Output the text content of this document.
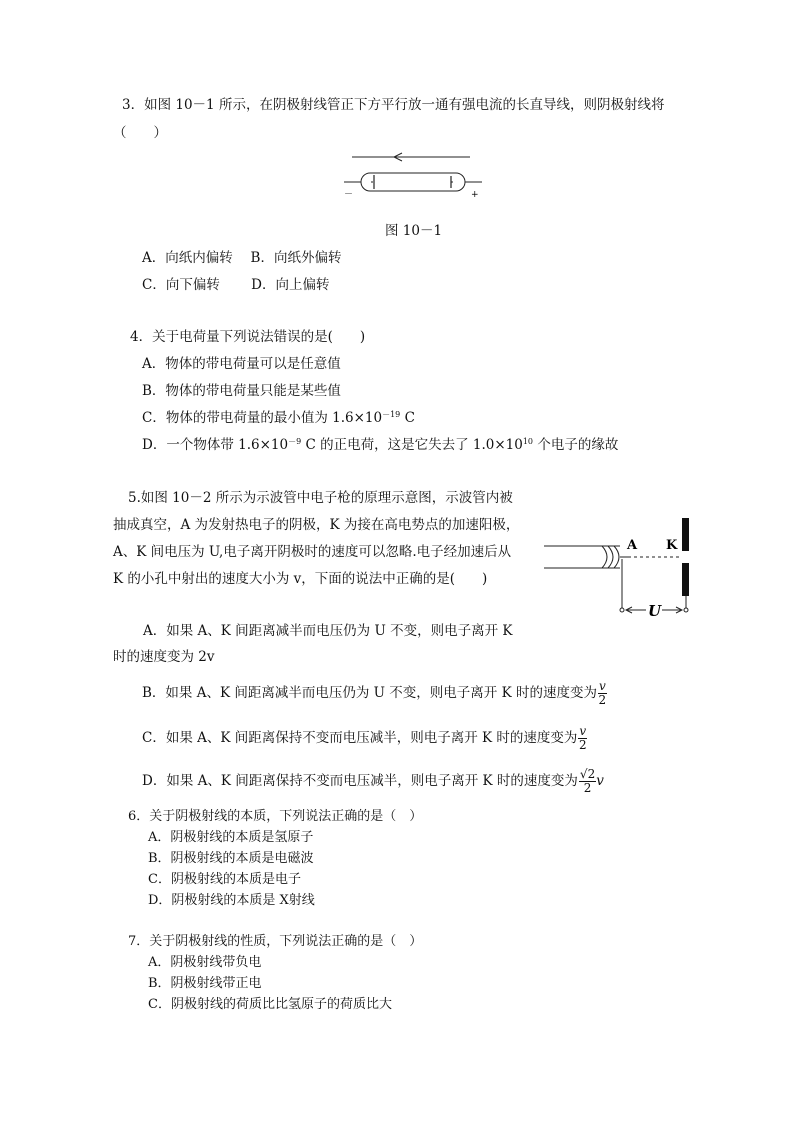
3．如图 10－1 所示，在阴极射线管正下方平行放一通有强电流的长直导线，则阴极射线将
（　　）
－	+
图 10－1
A．向纸内偏转　 B．向纸外偏转
C．向下偏转　　 D．向上偏转
4．关于电荷量下列说法错误的是(　　)
A．物体的带电荷量可以是任意值
B．物体的带电荷量只能是某些值
C．物体的带电荷量的最小值为 $1.6\times 10^{-19}$ C
D．一个物体带 $1.6\times 10^{-9}$ C 的正电荷，这是它失去了 $1.0\times 10^{10}$ 个电子的缘故
5.如图 10－2 所示为示波管中电子枪的原理示意图，示波管内被
抽成真空，A 为发射热电子的阴极，K 为接在高电势点的加速阳极，
A、K 间电压为 U,电子离开阴极时的速度可以忽略.电子经加速后从
K 的小孔中射出的速度大小为 v，下面的说法中正确的是(　　)
A K
U
A．如果 A、K 间距离减半而电压仍为 U 不变，则电子离开 K
时的速度变为 2v
B．如果 A、K 间距离减半而电压仍为 U 不变，则电子离开 K 时的速度变为 $\frac{v}{2}$
C．如果 A、K 间距离保持不变而电压减半，则电子离开 K 时的速度变为 $\frac{v}{2}$
D．如果 A、K 间距离保持不变而电压减半，则电子离开 K 时的速度变为 $\frac{√2}{2}$ v
6．关于阴极射线的本质，下列说法正确的是（　）
A．阴极射线的本质是氢原子
B．阴极射线的本质是电磁波
C．阴极射线的本质是电子
D．阴极射线的本质是 X射线
7．关于阴极射线的性质，下列说法正确的是（　）
A．阴极射线带负电
B．阴极射线带正电
C．阴极射线的荷质比比氢原子的荷质比大
